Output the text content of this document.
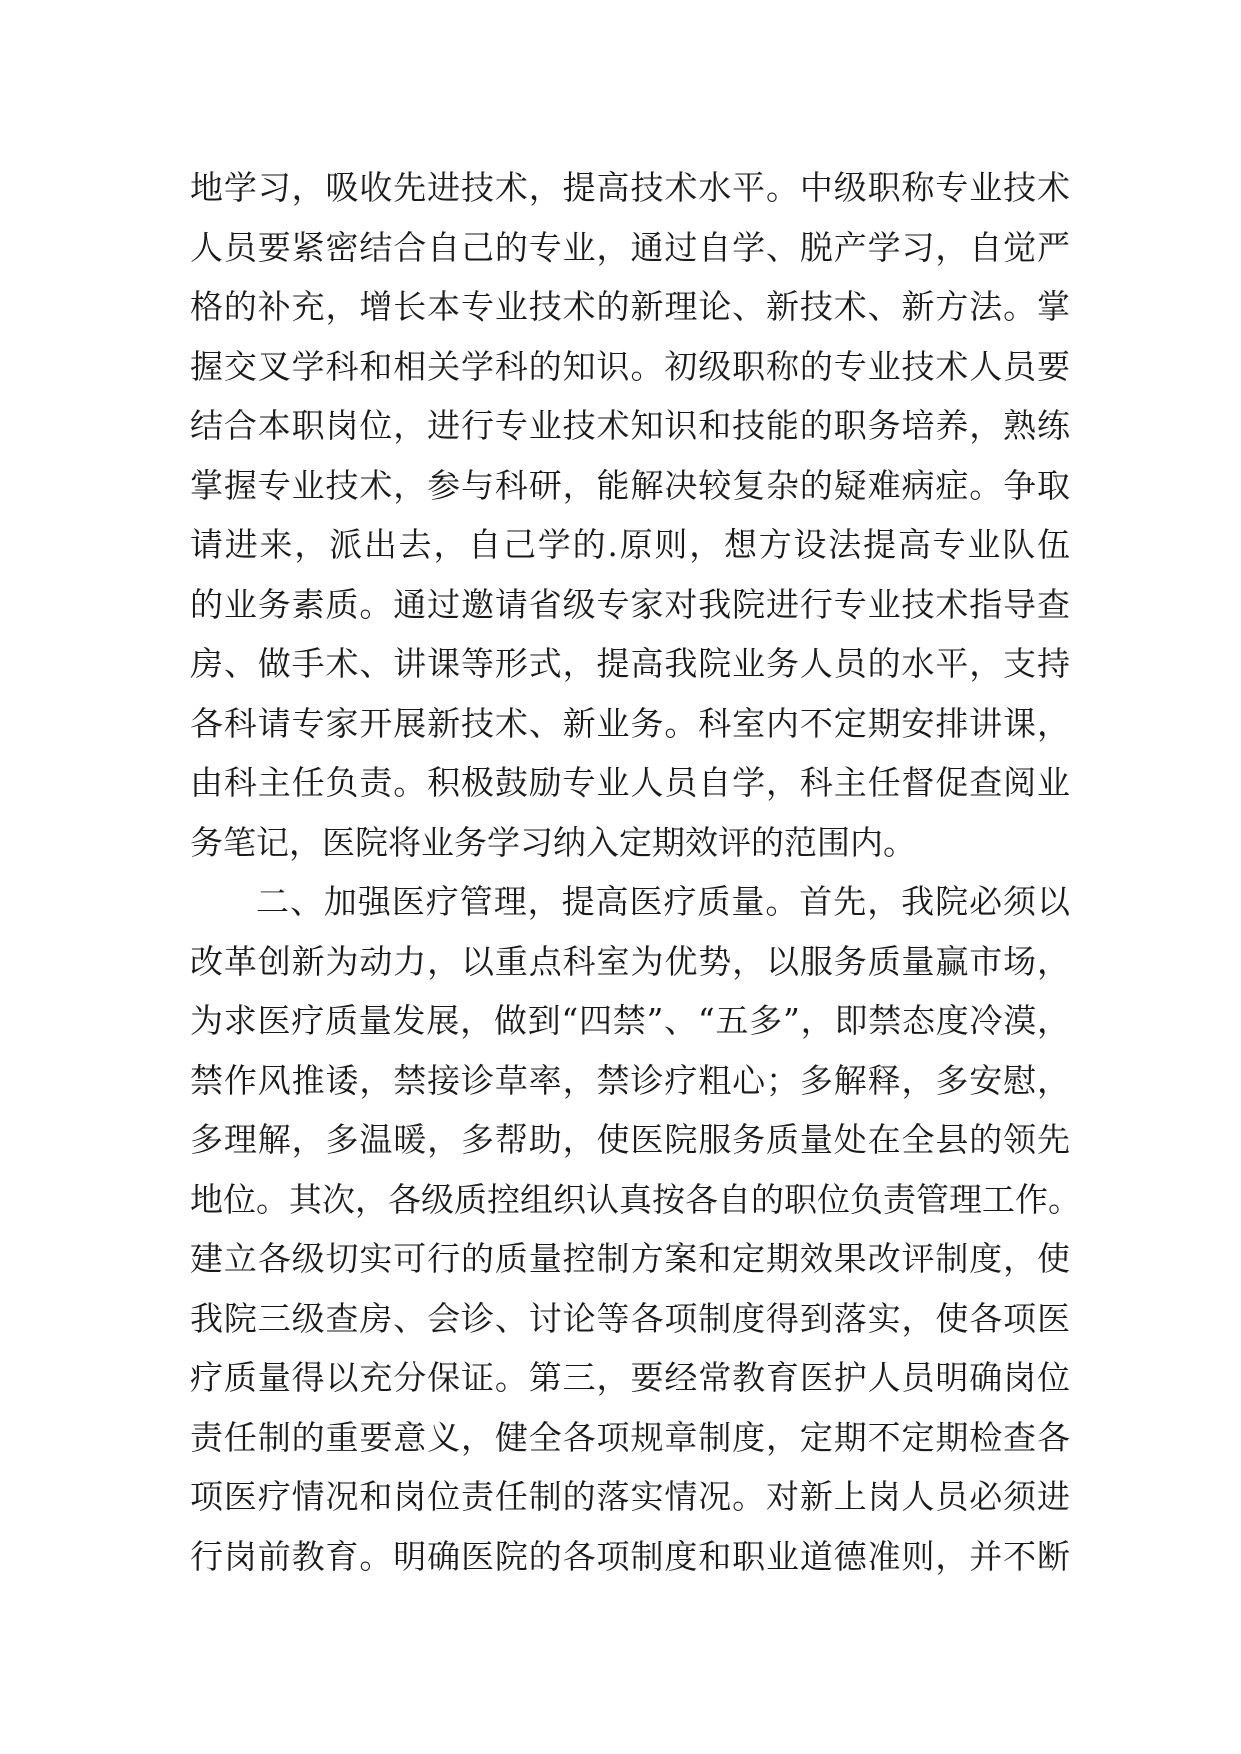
地学习，吸收先进技术，提高技术水平。中级职称专业技术
人员要紧密结合自己的专业，通过自学、脱产学习，自觉严
格的补充，增长本专业技术的新理论、新技术、新方法。掌
握交叉学科和相关学科的知识。初级职称的专业技术人员要
结合本职岗位，进行专业技术知识和技能的职务培养，熟练
掌握专业技术，参与科研，能解决较复杂的疑难病症。争取
请进来，派出去，自己学的.原则，想方设法提高专业队伍
的业务素质。通过邀请省级专家对我院进行专业技术指导查
房、做手术、讲课等形式，提高我院业务人员的水平，支持
各科请专家开展新技术、新业务。科室内不定期安排讲课，
由科主任负责。积极鼓励专业人员自学，科主任督促查阅业
务笔记，医院将业务学习纳入定期效评的范围内。
二、加强医疗管理，提高医疗质量。首先，我院必须以
改革创新为动力，以重点科室为优势，以服务质量赢市场，
为求医疗质量发展，做到“四禁”、“五多”，即禁态度冷漠，
禁作风推诿，禁接诊草率，禁诊疗粗心；多解释，多安慰，
多理解，多温暖，多帮助，使医院服务质量处在全县的领先
地位。其次，各级质控组织认真按各自的职位负责管理工作。
建立各级切实可行的质量控制方案和定期效果改评制度，使
我院三级查房、会诊、讨论等各项制度得到落实，使各项医
疗质量得以充分保证。第三，要经常教育医护人员明确岗位
责任制的重要意义，健全各项规章制度，定期不定期检查各
项医疗情况和岗位责任制的落实情况。对新上岗人员必须进
行岗前教育。明确医院的各项制度和职业道德准则，并不断
